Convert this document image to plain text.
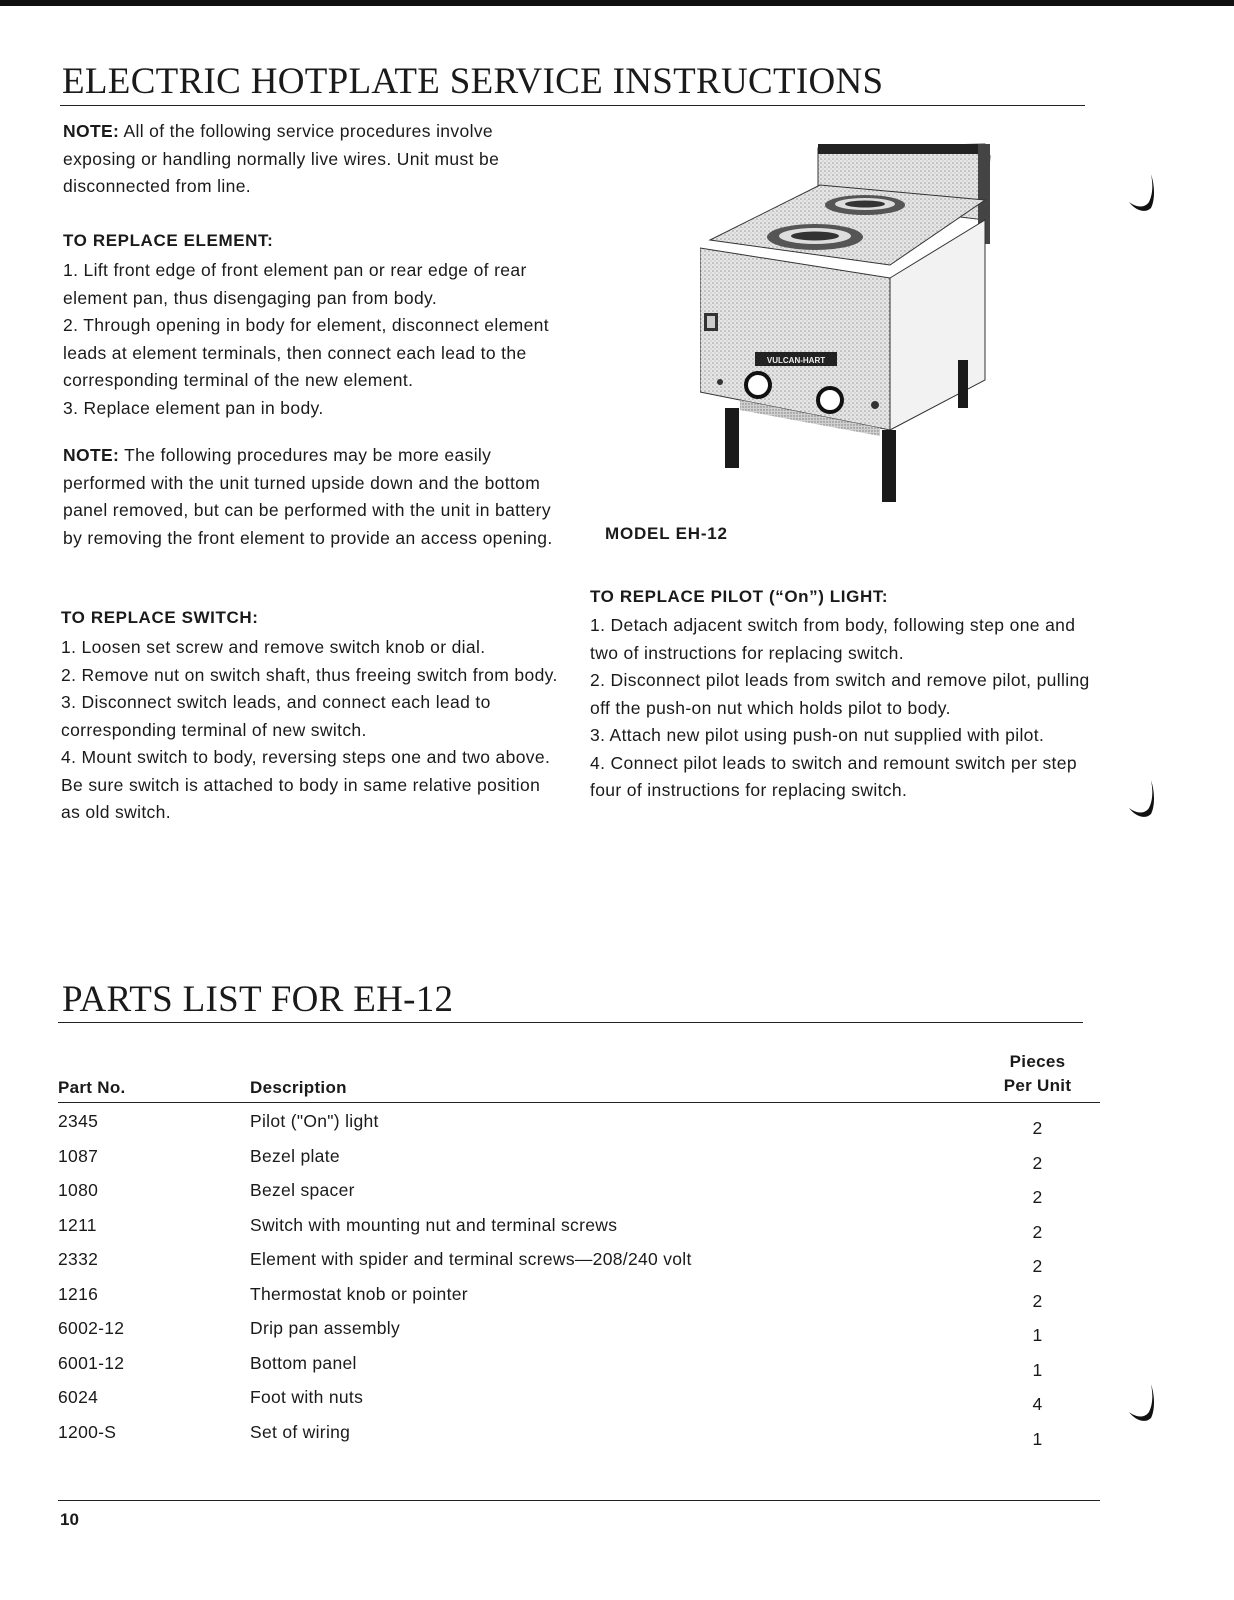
ELECTRIC HOTPLATE SERVICE INSTRUCTIONS

NOTE: All of the following service procedures involve exposing or handling normally live wires. Unit must be disconnected from line.

TO REPLACE ELEMENT:

1. Lift front edge of front element pan or rear edge of rear element pan, thus disengaging pan from body.
2. Through opening in body for element, disconnect element leads at element terminals, then connect each lead to the corresponding terminal of the new element.
3. Replace element pan in body.

NOTE: The following procedures may be more easily performed with the unit turned upside down and the bottom panel removed, but can be performed with the unit in battery by removing the front element to provide an access opening.

TO REPLACE SWITCH:

1. Loosen set screw and remove switch knob or dial.
2. Remove nut on switch shaft, thus freeing switch from body.
3. Disconnect switch leads, and connect each lead to corresponding terminal of new switch.
4. Mount switch to body, reversing steps one and two above. Be sure switch is attached to body in same relative position as old switch.

VULCAN-HART
MODEL EH-12

TO REPLACE PILOT (“On”) LIGHT:

1. Detach adjacent switch from body, following step one and two of instructions for replacing switch.
2. Disconnect pilot leads from switch and remove pilot, pulling off the push-on nut which holds pilot to body.
3. Attach new pilot using push-on nut supplied with pilot.
4. Connect pilot leads to switch and remount switch per step four of instructions for replacing switch.

PARTS LIST FOR EH-12
Part No.	Description	Pieces
Per Unit

2345	Pilot ("On") light	2
1087	Bezel plate	2
1080	Bezel spacer	2
1211	Switch with mounting nut and terminal screws	2
2332	Element with spider and terminal screws—208/240 volt	2
1216	Thermostat knob or pointer	2
6002-12	Drip pan assembly	1
6001-12	Bottom panel	1
6024	Foot with nuts	4
1200-S	Set of wiring	1
10
